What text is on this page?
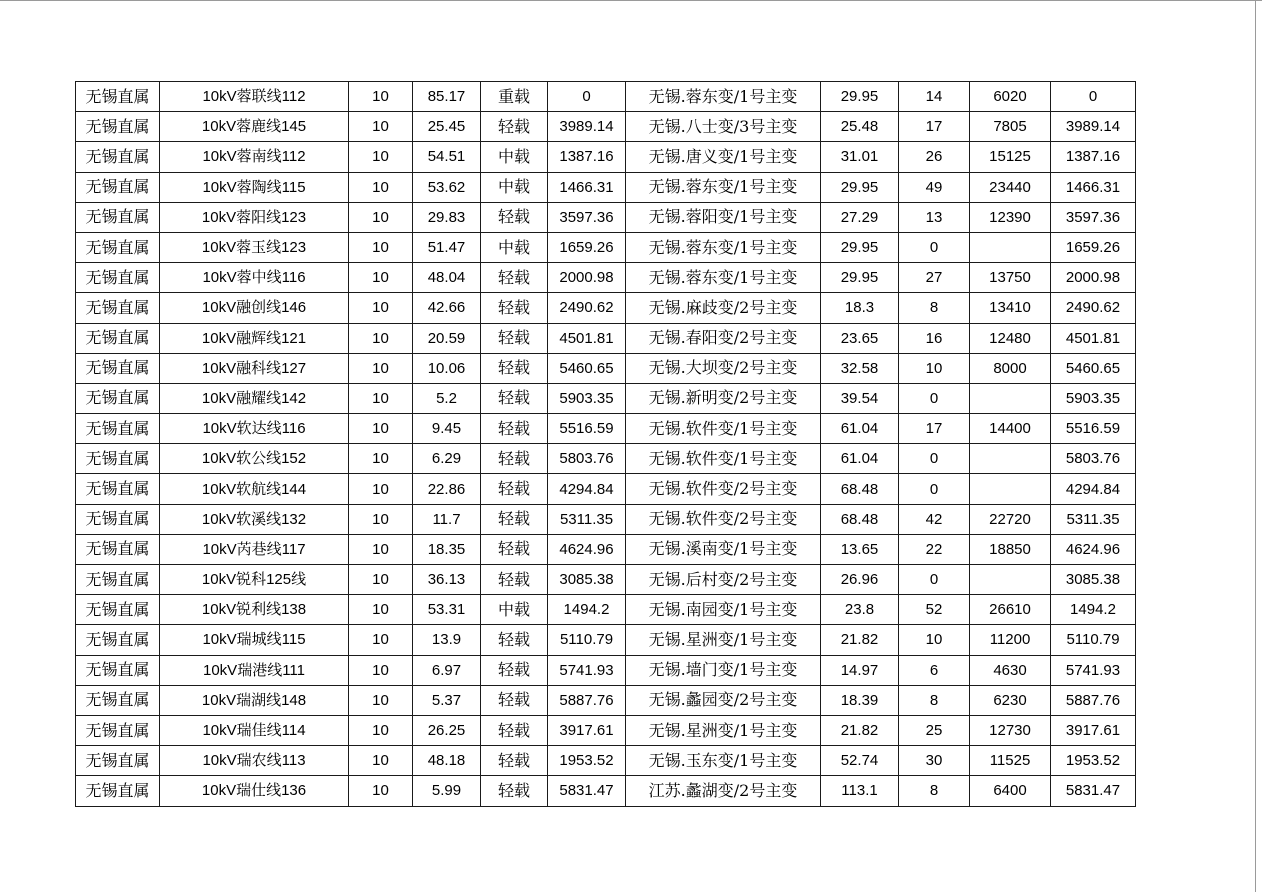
无锡直属	10kV蓉联线112	10	85.17	重载	0	无锡.蓉东变/1号主变	29.95	14	6020	0
无锡直属	10kV蓉鹿线145	10	25.45	轻载	3989.14	无锡.八士变/3号主变	25.48	17	7805	3989.14
无锡直属	10kV蓉南线112	10	54.51	中载	1387.16	无锡.唐义变/1号主变	31.01	26	15125	1387.16
无锡直属	10kV蓉陶线115	10	53.62	中载	1466.31	无锡.蓉东变/1号主变	29.95	49	23440	1466.31
无锡直属	10kV蓉阳线123	10	29.83	轻载	3597.36	无锡.蓉阳变/1号主变	27.29	13	12390	3597.36
无锡直属	10kV蓉玉线123	10	51.47	中载	1659.26	无锡.蓉东变/1号主变	29.95	0		1659.26
无锡直属	10kV蓉中线116	10	48.04	轻载	2000.98	无锡.蓉东变/1号主变	29.95	27	13750	2000.98
无锡直属	10kV融创线146	10	42.66	轻载	2490.62	无锡.麻歧变/2号主变	18.3	8	13410	2490.62
无锡直属	10kV融辉线121	10	20.59	轻载	4501.81	无锡.春阳变/2号主变	23.65	16	12480	4501.81
无锡直属	10kV融科线127	10	10.06	轻载	5460.65	无锡.大坝变/2号主变	32.58	10	8000	5460.65
无锡直属	10kV融耀线142	10	5.2	轻载	5903.35	无锡.新明变/2号主变	39.54	0		5903.35
无锡直属	10kV软达线116	10	9.45	轻载	5516.59	无锡.软件变/1号主变	61.04	17	14400	5516.59
无锡直属	10kV软公线152	10	6.29	轻载	5803.76	无锡.软件变/1号主变	61.04	0		5803.76
无锡直属	10kV软航线144	10	22.86	轻载	4294.84	无锡.软件变/2号主变	68.48	0		4294.84
无锡直属	10kV软溪线132	10	11.7	轻载	5311.35	无锡.软件变/2号主变	68.48	42	22720	5311.35
无锡直属	10kV芮巷线117	10	18.35	轻载	4624.96	无锡.溪南变/1号主变	13.65	22	18850	4624.96
无锡直属	10kV锐科125线	10	36.13	轻载	3085.38	无锡.后村变/2号主变	26.96	0		3085.38
无锡直属	10kV锐利线138	10	53.31	中载	1494.2	无锡.南园变/1号主变	23.8	52	26610	1494.2
无锡直属	10kV瑞城线115	10	13.9	轻载	5110.79	无锡.星洲变/1号主变	21.82	10	11200	5110.79
无锡直属	10kV瑞港线111	10	6.97	轻载	5741.93	无锡.墙门变/1号主变	14.97	6	4630	5741.93
无锡直属	10kV瑞湖线148	10	5.37	轻载	5887.76	无锡.蠡园变/2号主变	18.39	8	6230	5887.76
无锡直属	10kV瑞佳线114	10	26.25	轻载	3917.61	无锡.星洲变/1号主变	21.82	25	12730	3917.61
无锡直属	10kV瑞农线113	10	48.18	轻载	1953.52	无锡.玉东变/1号主变	52.74	30	11525	1953.52
无锡直属	10kV瑞仕线136	10	5.99	轻载	5831.47	江苏.蠡湖变/2号主变	113.1	8	6400	5831.47
